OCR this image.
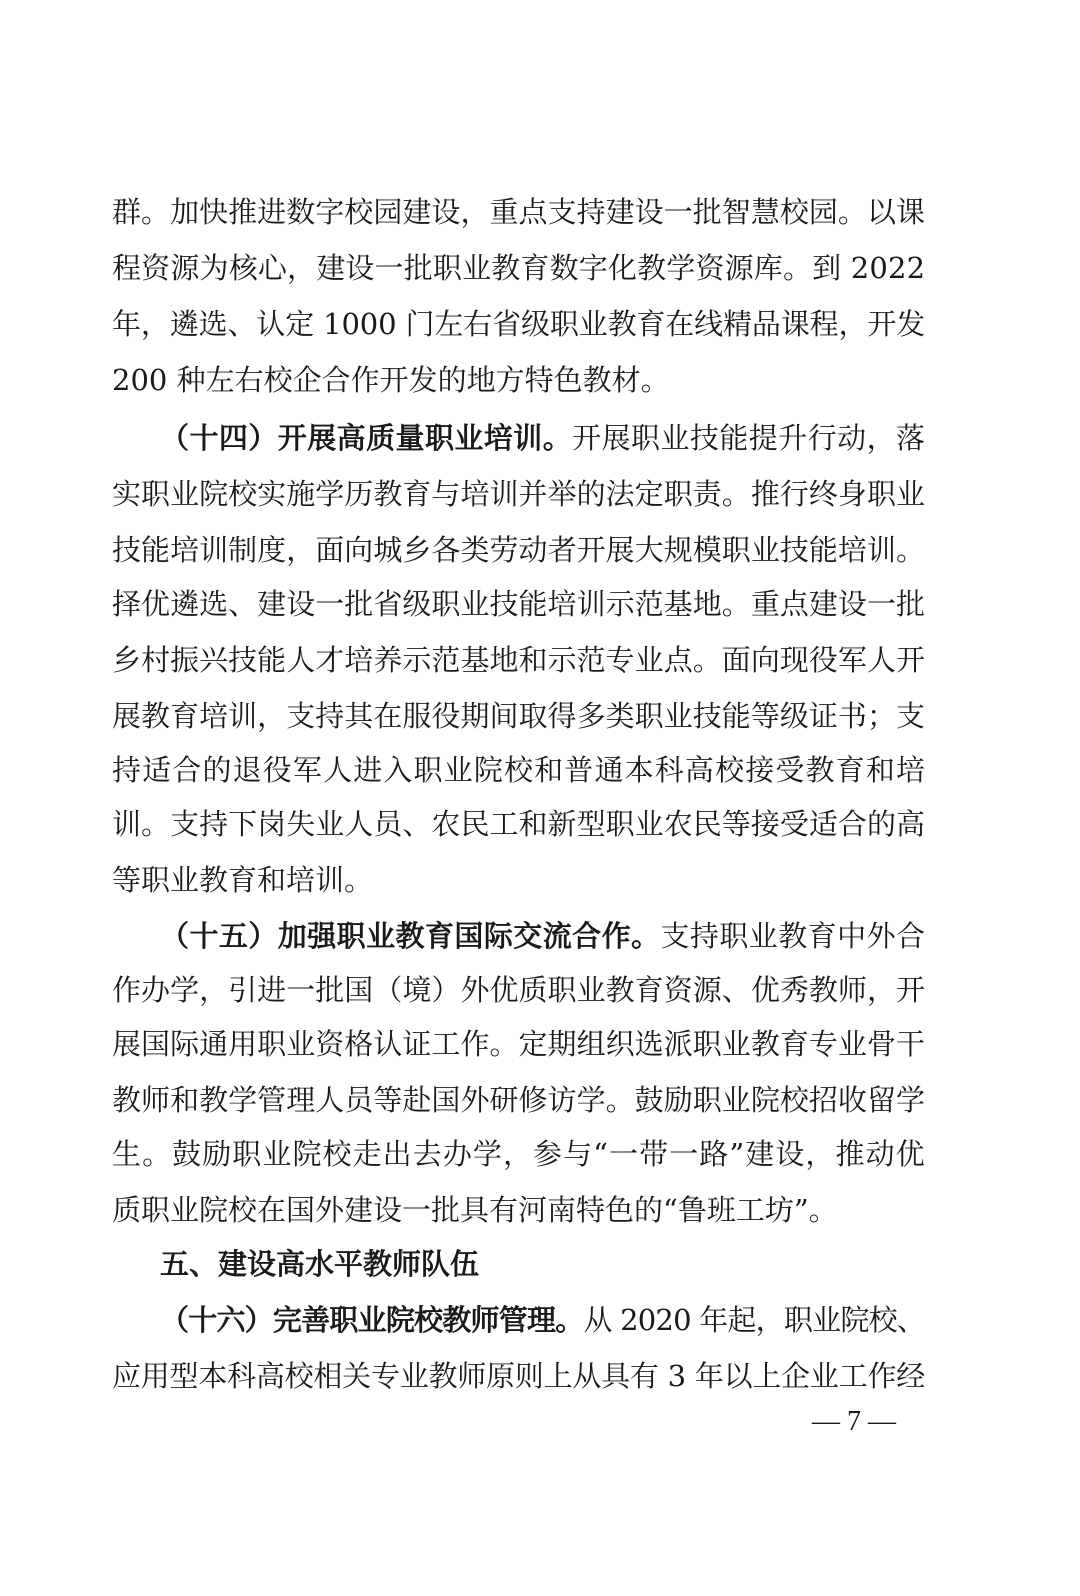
群。加快推进数字校园建设，重点支持建设一批智慧校园。以课
程资源为核心，建设一批职业教育数字化教学资源库。到 2022
年，遴选、认定 1000 门左右省级职业教育在线精品课程，开发
200 种左右校企合作开发的地方特色教材。
（十四）开展高质量职业培训。开展职业技能提升行动，落
实职业院校实施学历教育与培训并举的法定职责。推行终身职业
技能培训制度，面向城乡各类劳动者开展大规模职业技能培训。
择优遴选、建设一批省级职业技能培训示范基地。重点建设一批
乡村振兴技能人才培养示范基地和示范专业点。面向现役军人开
展教育培训，支持其在服役期间取得多类职业技能等级证书；支
持适合的退役军人进入职业院校和普通本科高校接受教育和培
训。支持下岗失业人员、农民工和新型职业农民等接受适合的高
等职业教育和培训。
（十五）加强职业教育国际交流合作。支持职业教育中外合
作办学，引进一批国（境）外优质职业教育资源、优秀教师，开
展国际通用职业资格认证工作。定期组织选派职业教育专业骨干
教师和教学管理人员等赴国外研修访学。鼓励职业院校招收留学
生。鼓励职业院校走出去办学，参与“一带一路”建设，推动优
质职业院校在国外建设一批具有河南特色的“鲁班工坊”。
五、建设高水平教师队伍
（十六）完善职业院校教师管理。从 2020 年起，职业院校、
应用型本科高校相关专业教师原则上从具有 3 年以上企业工作经
— 7 —
